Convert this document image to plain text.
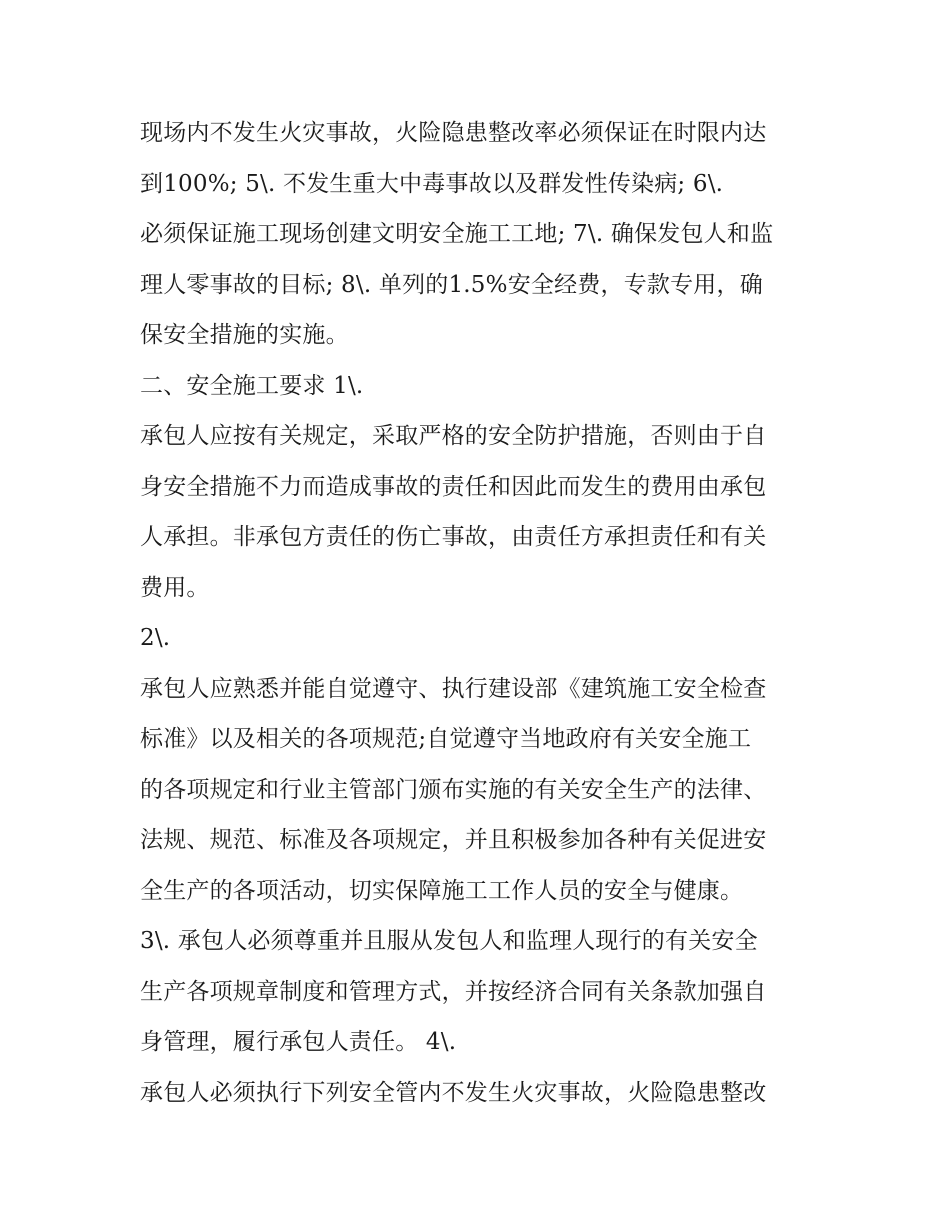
现场内不发生火灾事故，火险隐患整改率必须保证在时限内达
到100%; 5\. 不发生重大中毒事故以及群发性传染病; 6\.
必须保证施工现场创建文明安全施工工地; 7\. 确保发包人和监
理人零事故的目标; 8\. 单列的1.5%安全经费，专款专用，确
保安全措施的实施。
二、安全施工要求 1\.
承包人应按有关规定，采取严格的安全防护措施，否则由于自
身安全措施不力而造成事故的责任和因此而发生的费用由承包
人承担。非承包方责任的伤亡事故，由责任方承担责任和有关
费用。
2\.
承包人应熟悉并能自觉遵守、执行建设部《建筑施工安全检查
标准》以及相关的各项规范;自觉遵守当地政府有关安全施工
的各项规定和行业主管部门颁布实施的有关安全生产的法律、
法规、规范、标准及各项规定，并且积极参加各种有关促进安
全生产的各项活动，切实保障施工工作人员的安全与健康。
3\. 承包人必须尊重并且服从发包人和监理人现行的有关安全
生产各项规章制度和管理方式，并按经济合同有关条款加强自
身管理，履行承包人责任。 4\.
承包人必须执行下列安全管内不发生火灾事故，火险隐患整改
